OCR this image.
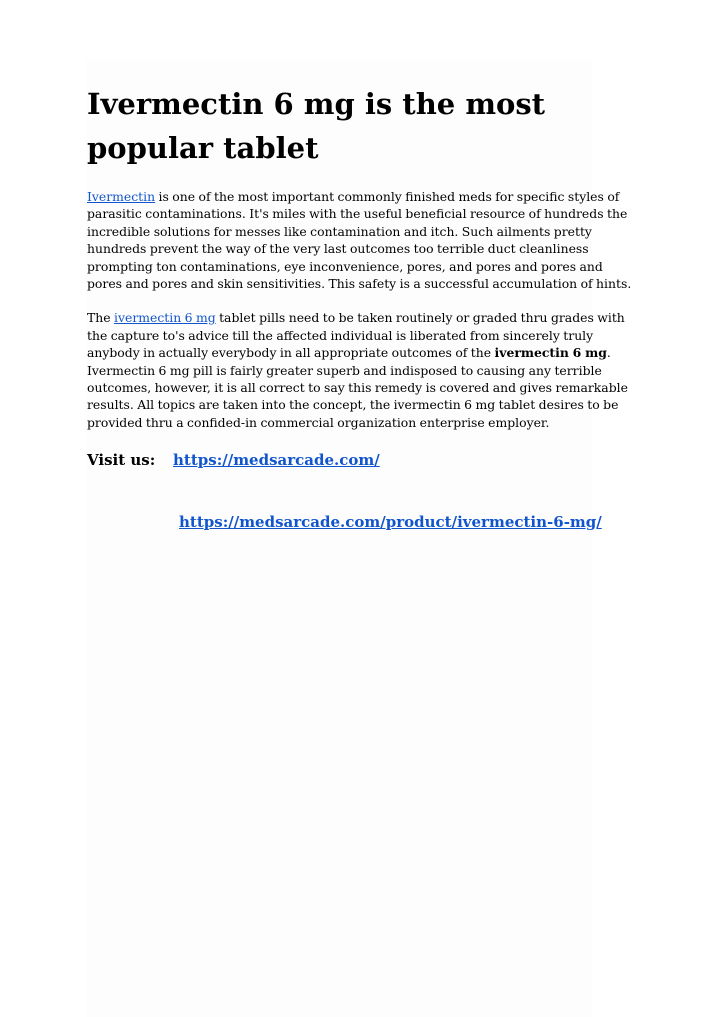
Ivermectin 6 mg is the most popular tablet

Ivermectin is one of the most important commonly finished meds for specific styles of parasitic contaminations. It's miles with the useful beneficial resource of hundreds the incredible solutions for messes like contamination and itch. Such ailments pretty hundreds prevent the way of the very last outcomes too terrible duct cleanliness prompting ton contaminations, eye inconvenience, pores, and pores and pores and pores and pores and skin sensitivities. This safety is a successful accumulation of hints.

The ivermectin 6 mg tablet pills need to be taken routinely or graded thru grades with the capture to's advice till the affected individual is liberated from sincerely truly anybody in actually everybody in all appropriate outcomes of the ivermectin 6 mg. Ivermectin 6 mg pill is fairly greater superb and indisposed to causing any terrible outcomes, however, it is all correct to say this remedy is covered and gives remarkable results. All topics are taken into the concept, the ivermectin 6 mg tablet desires to be provided thru a confided-in commercial organization enterprise employer.

Visit us: https://medsarcade.com/
https://medsarcade.com/product/ivermectin-6-mg/
